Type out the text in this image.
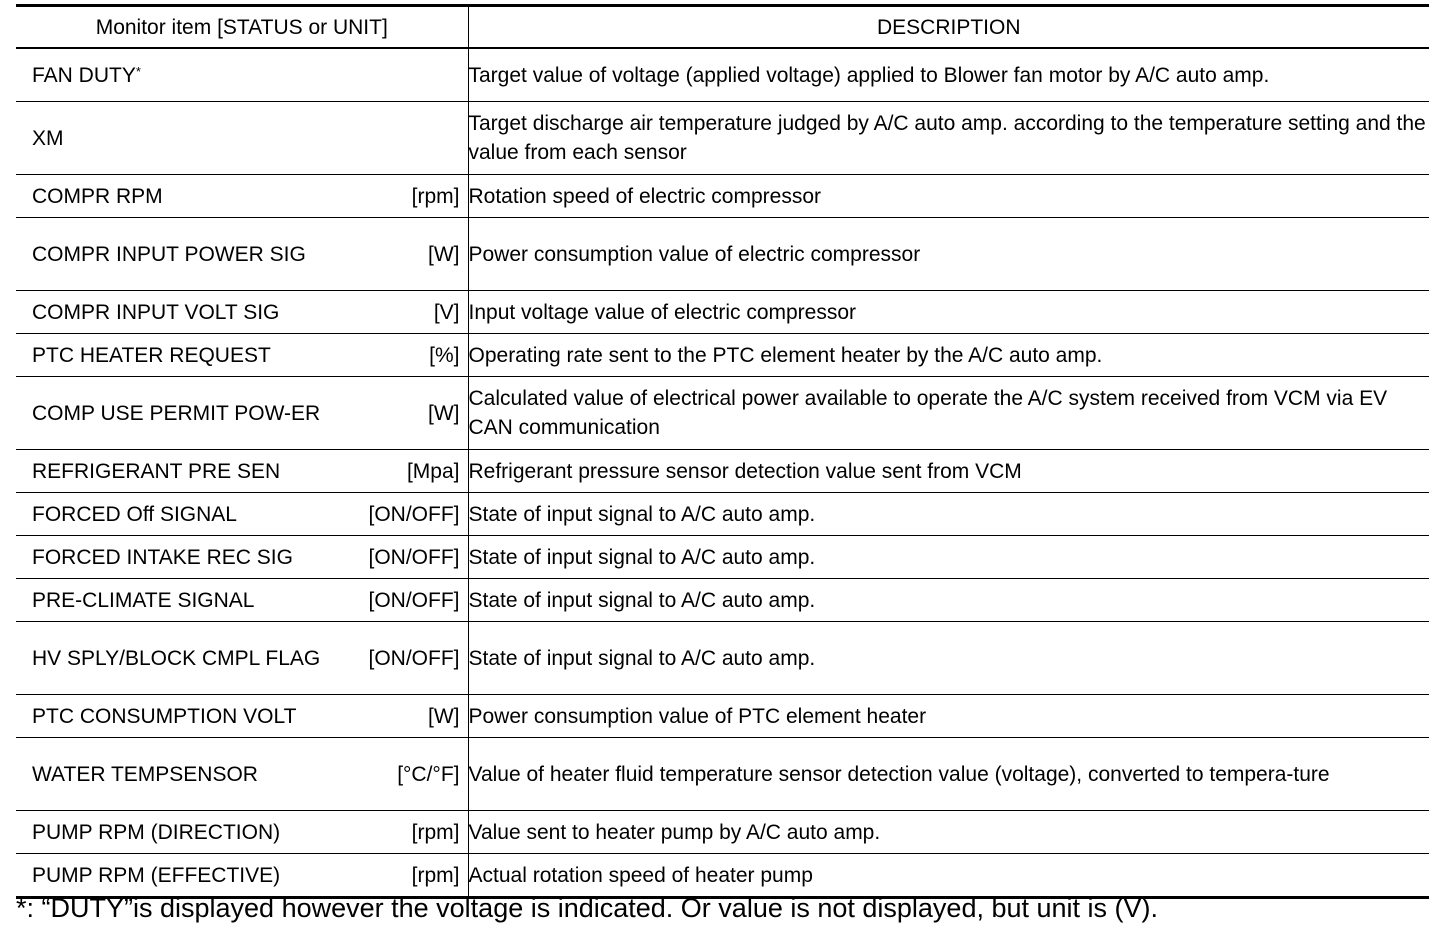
Monitor item [STATUS or UNIT]	DESCRIPTION

FAN DUTY*	Target value of voltage (applied voltage) applied to Blower fan motor by A/C auto amp.

XM	Target discharge air temperature judged by A/C auto amp. according to the temperature setting and the value from each sensor

COMPR RPM [rpm]	Rotation speed of electric compressor

COMPR INPUT POWER SIG [W]	Power consumption value of electric compressor

COMPR INPUT VOLT SIG [V]	Input voltage value of electric compressor

PTC HEATER REQUEST [%]	Operating rate sent to the PTC element heater by the A/C auto amp.

COMP USE PERMIT POW-ER [W]	Calculated value of electrical power available to operate the A/C system received from VCM via EV CAN communication

REFRIGERANT PRE SEN [Mpa]	Refrigerant pressure sensor detection value sent from VCM

FORCED Off SIGNAL [ON/OFF]	State of input signal to A/C auto amp.

FORCED INTAKE REC SIG [ON/OFF]	State of input signal to A/C auto amp.

PRE-CLIMATE SIGNAL [ON/OFF]	State of input signal to A/C auto amp.

HV SPLY/BLOCK CMPL FLAG [ON/OFF]	State of input signal to A/C auto amp.

PTC CONSUMPTION VOLT [W]	Power consumption value of PTC element heater

WATER TEMPSENSOR [°C/°F]	Value of heater fluid temperature sensor detection value (voltage), converted to tempera-ture

PUMP RPM (DIRECTION) [rpm]	Value sent to heater pump by A/C auto amp.

PUMP RPM (EFFECTIVE) [rpm]	Actual rotation speed of heater pump
*: “DUTY”is displayed however the voltage is indicated. Or value is not displayed, but unit is (V).
